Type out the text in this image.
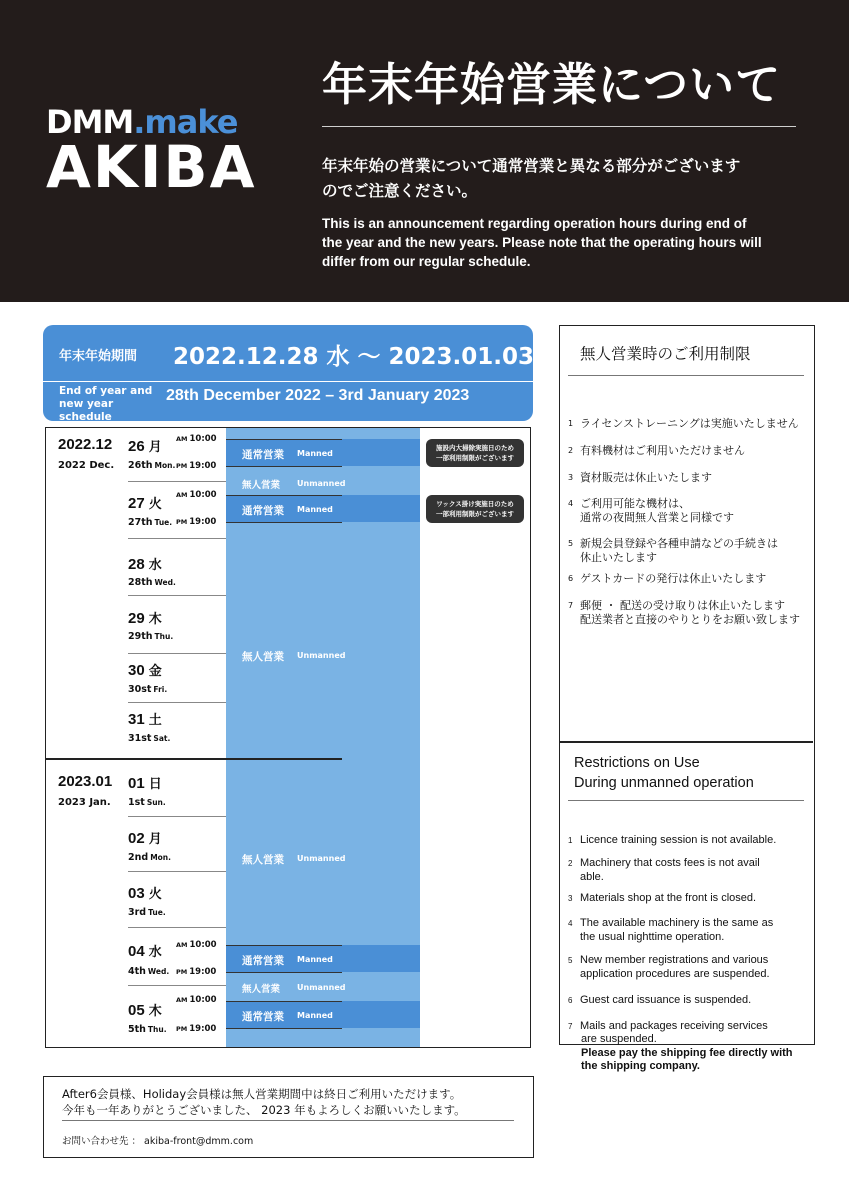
DMM.make
AKIBA
年末年始営業について
年末年始の営業について通常営業と異なる部分がございます
のでご注意ください。
This is an announcement regarding operation hours during end of
the year and the new years. Please note that the operating hours will
differ from our regular schedule.
年末年始期間 2022.12.28 水 〜 2023.01.03 火
End of year and
new year schedule
28th December 2022 – 3rd January 2023
通常営業 Manned
通常営業 Manned
通常営業 Manned
通常営業 Manned
無人営業 Unmanned
無人営業 Unmanned
無人営業 Unmanned
無人営業 Unmanned
2022.12
2022 Dec.
2023.01
2023 Jan.
26 月
26th Mon.
AM 10:00
PM 19:00
27 火
27th Tue.
AM 10:00
PM 19:00
28 水
28th Wed.
29 木
29th Thu.
30 金
30st Fri.
31 土
31st Sat.
01 日
1st Sun.
02 月
2nd Mon.
03 火
3rd Tue.
04 水
4th Wed.
AM 10:00
PM 19:00
05 木
5th Thu.
AM 10:00
PM 19:00
施設内大掃除実施日のため
一部利用制限がございます
ワックス掛け実施日のため
一部利用制限がございます
無人営業時のご利用制限
1 ライセンストレーニングは実施いたしません
2 有料機材はご利用いただけません
3 資材販売は休止いたします
4 ご利用可能な機材は、
通常の夜間無人営業と同様です
5 新規会員登録や各種申請などの手続きは
休止いたします
6 ゲストカードの発行は休止いたします
7 郵便 ・ 配送の受け取りは休止いたします
配送業者と直接のやりとりをお願い致します
Restrictions on Use
During unmanned operation
1 Licence training session is not available.
2 Machinery that costs fees is not avail
able.
3 Materials shop at the front is closed.
4 The available machinery is the same as
the usual nighttime operation.
5 New member registrations and various
application procedures are suspended.
6 Guest card issuance is suspended.
7 Mails and packages receiving services
are suspended.
Please pay the shipping fee directly with
the shipping company.
After6会員様、Holiday会員様は無人営業期間中は終日ご利用いただけます。
今年も一年ありがとうございました、 2023 年もよろしくお願いいたします。
お問い合わせ先 ： akiba-front@dmm.com
